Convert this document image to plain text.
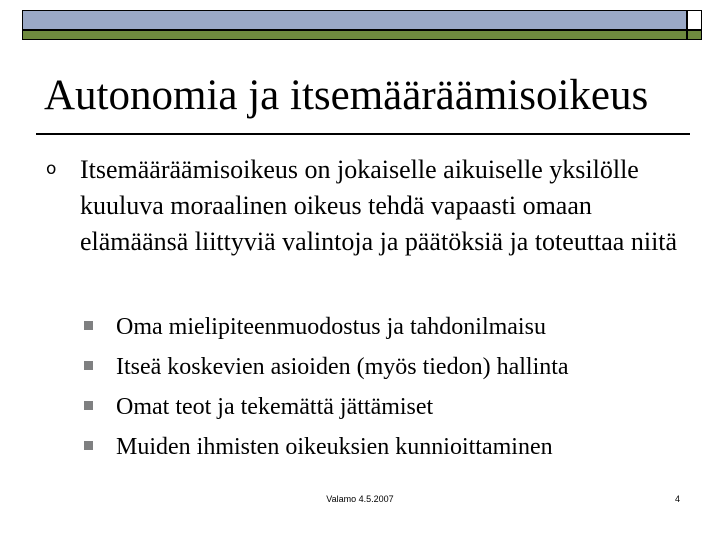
Autonomia ja itsemääräämisoikeus
o Itsemääräämisoikeus on jokaiselle aikuiselle yksilölle kuuluva moraalinen oikeus tehdä vapaasti omaan elämäänsä liittyviä valintoja ja päätöksiä ja toteuttaa niitä
Oma mielipiteenmuodostus ja tahdonilmaisu
Itseä koskevien asioiden (myös tiedon) hallinta
Omat teot ja tekemättä jättämiset
Muiden ihmisten oikeuksien kunnioittaminen
Valamo 4.5.2007	4
